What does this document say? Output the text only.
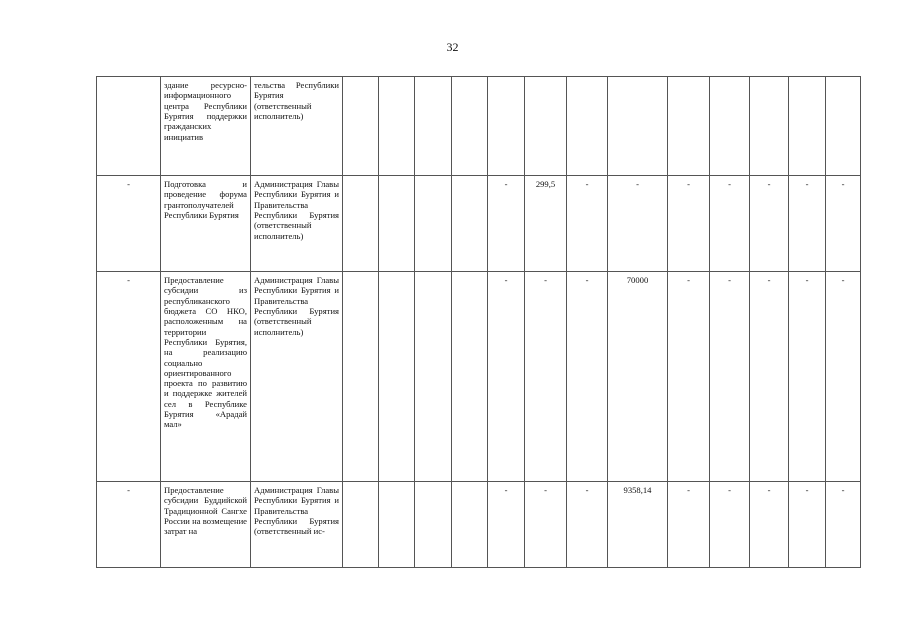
32

	здание ресурсно-информационного центра Республики Бурятия поддержки гражданских инициатив	тельства Республики Бурятия (ответственный исполнитель)													

-	Подготовка и проведение форума грантополучателей Республики Бурятия	Администрация Главы Республики Бурятия и Правительства Республики Бурятия (ответственный исполнитель)					-	299,5	-	-	-	-	-	-	-
-	Предоставление субсидии из республиканского бюджета СО НКО, расположенным на территории Республики Бурятия, на реализацию социально ориентированного проекта по развитию и поддержке жителей сел в Республике Бурятия «Арадай мал»	Администрация Главы Республики Бурятия и Правительства Республики Бурятия (ответственный исполнитель)					-	-	-	70000	-	-	-	-	-
-	Предоставление субсидии Буддийской Традиционной Сангхе России на возмещение затрат на	Администрация Главы Республики Бурятия и Правительства Республики Бурятия (ответственный ис-					-	-	-	9358,14	-	-	-	-	-
